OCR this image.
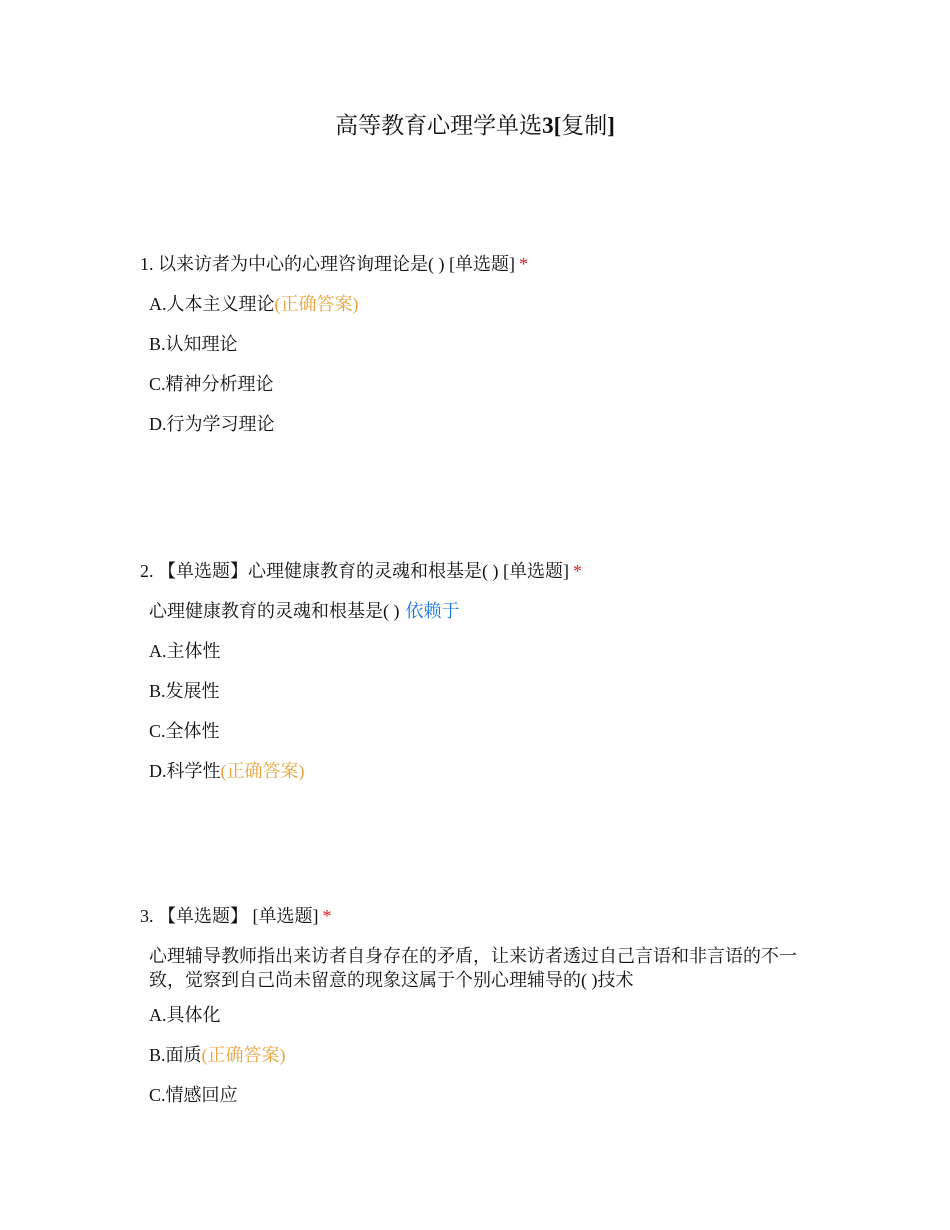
高等教育心理学单选3[复制]
1. 以来访者为中心的心理咨询理论是( ) [单选题] *
A.人本主义理论(正确答案)
B.认知理论
C.精神分析理论
D.行为学习理论
2. 【单选题】心理健康教育的灵魂和根基是( ) [单选题] *
心理健康教育的灵魂和根基是( ) 依赖于
A.主体性
B.发展性
C.全体性
D.科学性(正确答案)
3. 【单选题】 [单选题] *
心理辅导教师指出来访者自身存在的矛盾，让来访者透过自己言语和非言语的不一致，觉察到自己尚未留意的现象这属于个别心理辅导的( )技术
A.具体化
B.面质(正确答案)
C.情感回应
